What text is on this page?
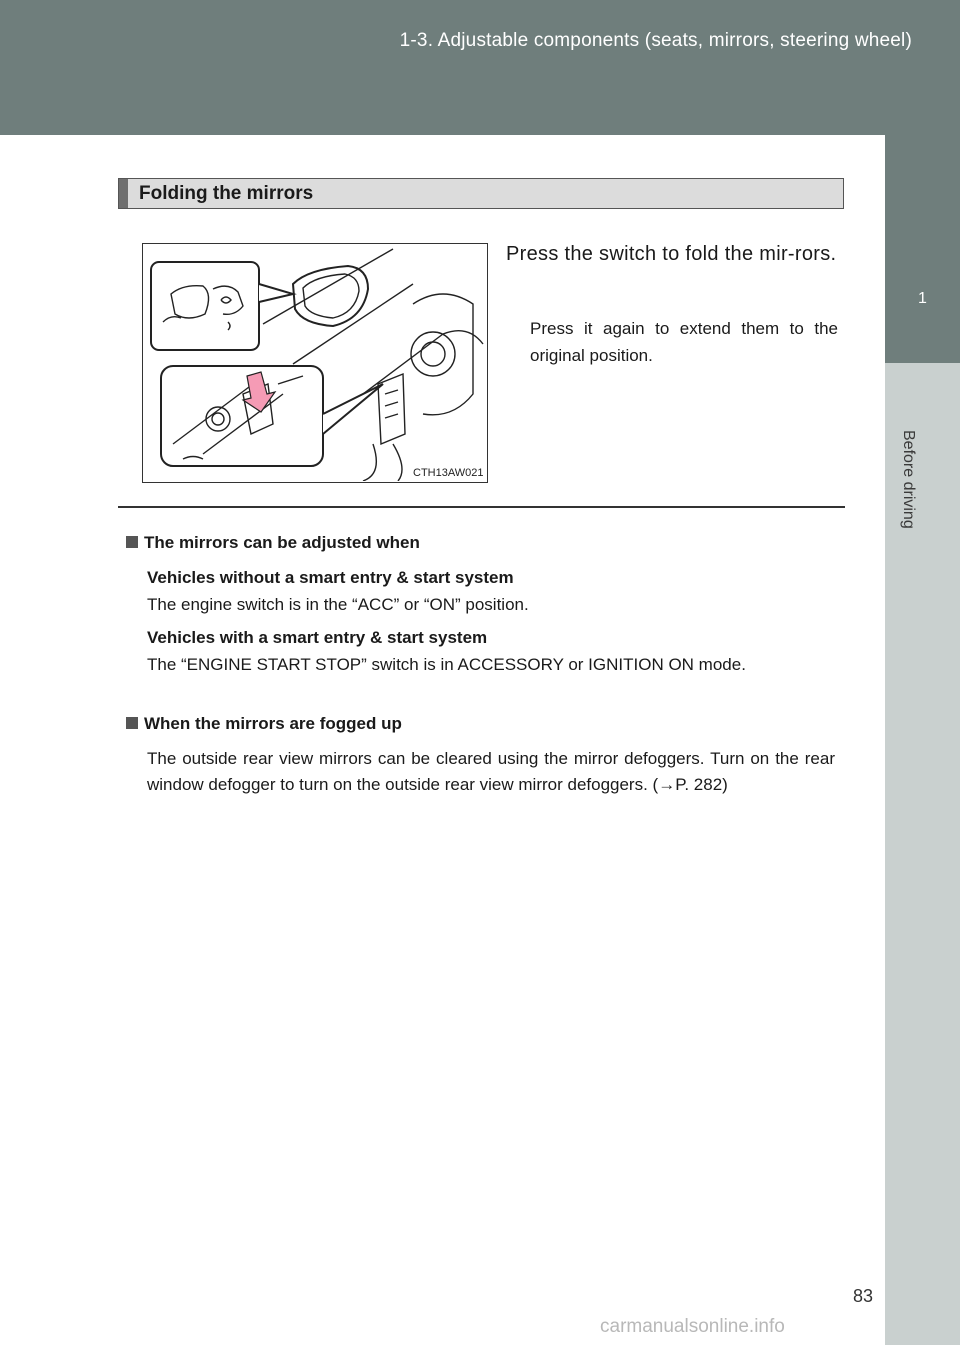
1-3. Adjustable components (seats, mirrors, steering wheel)
1
Before driving
Folding the mirrors
CTH13AW021
Press the switch to fold the mir-rors.
Press it again to extend them to the original position.
The mirrors can be adjusted when
Vehicles without a smart entry & start system
The engine switch is in the “ACC” or “ON” position.
Vehicles with a smart entry & start system
The “ENGINE START STOP” switch is in ACCESSORY or IGNITION ON mode.
When the mirrors are fogged up
The outside rear view mirrors can be cleared using the mirror defoggers. Turn on the rear window defogger to turn on the outside rear view mirror defoggers. (→P. 282)
83
carmanualsonline.info
